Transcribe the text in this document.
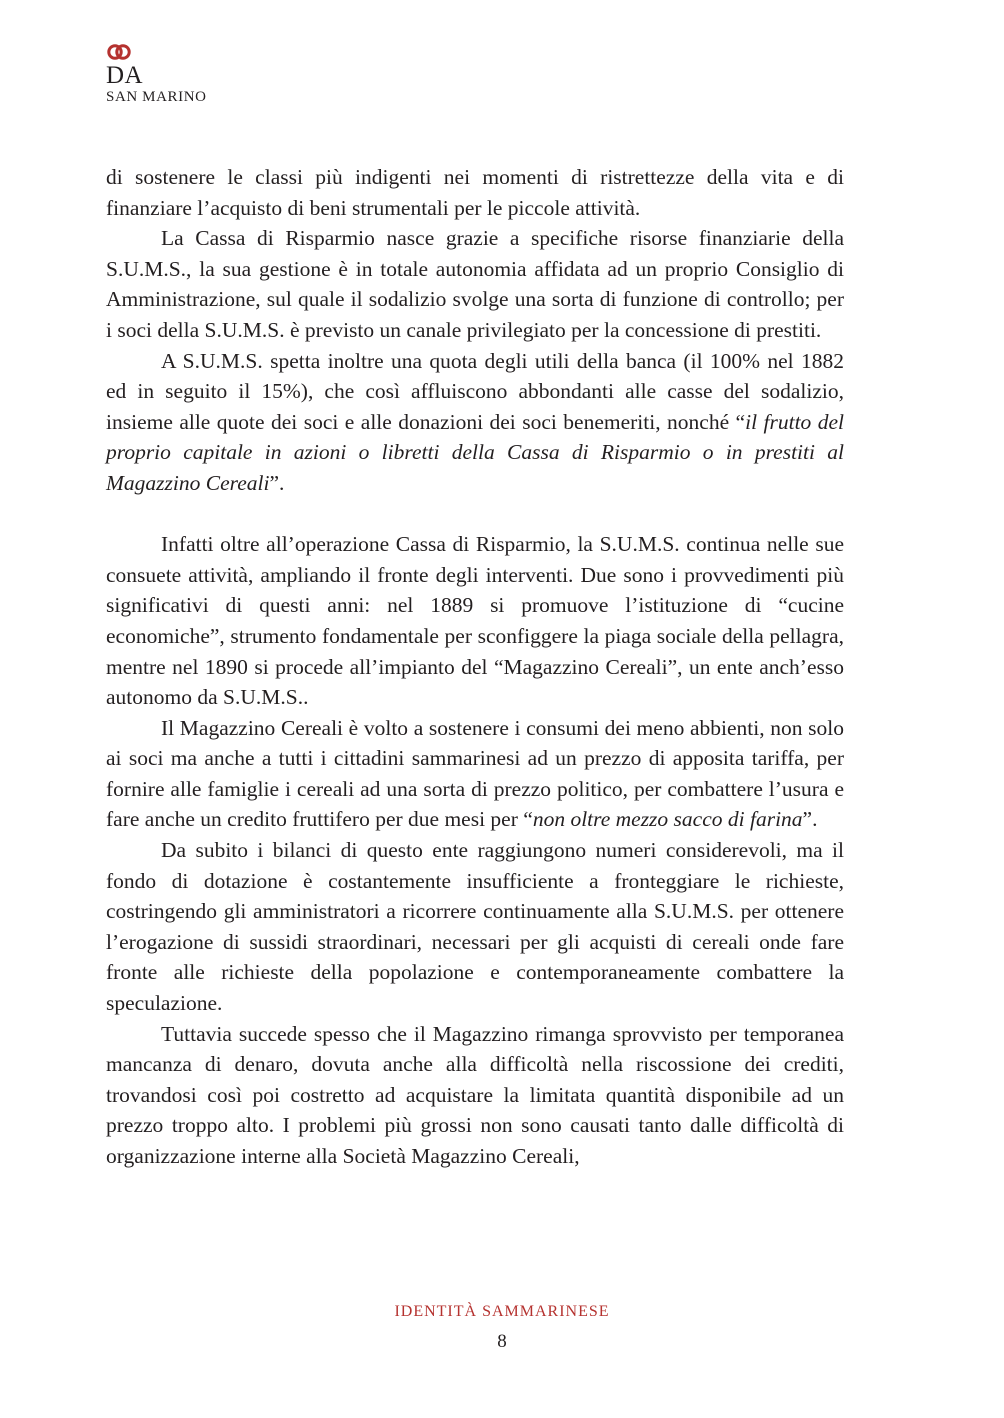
DA
SAN MARINO

di sostenere le classi più indigenti nei momenti di ristrettezze della vita e di finanziare l’acquisto di beni strumentali per le piccole attività.

La Cassa di Risparmio nasce grazie a specifiche risorse finanziarie della S.U.M.S., la sua gestione è in totale autonomia affidata ad un proprio Consiglio di Amministrazione, sul quale il sodalizio svolge una sorta di funzione di controllo; per i soci della S.U.M.S. è previsto un canale privilegiato per la concessione di prestiti.

A S.U.M.S. spetta inoltre una quota degli utili della banca (il 100% nel 1882 ed in seguito il 15%), che così affluiscono abbondanti alle casse del sodalizio, insieme alle quote dei soci e alle donazioni dei soci benemeriti, nonché “il frutto del proprio capitale in azioni o libretti della Cassa di Risparmio o in prestiti al Magazzino Cereali”.

Infatti oltre all’operazione Cassa di Risparmio, la S.U.M.S. continua nelle sue consuete attività, ampliando il fronte degli interventi. Due sono i provvedimenti più significativi di questi anni: nel 1889 si promuove l’istituzione di “cucine economiche”, strumento fondamentale per sconfiggere la piaga sociale della pellagra, mentre nel 1890 si procede all’impianto del “Magazzino Cereali”, un ente anch’esso autonomo da S.U.M.S..

Il Magazzino Cereali è volto a sostenere i consumi dei meno abbienti, non solo ai soci ma anche a tutti i cittadini sammarinesi ad un prezzo di apposita tariffa, per fornire alle famiglie i cereali ad una sorta di prezzo politico, per combattere l’usura e fare anche un credito fruttifero per due mesi per “non oltre mezzo sacco di farina”.

Da subito i bilanci di questo ente raggiungono numeri considerevoli, ma il fondo di dotazione è costantemente insufficiente a fronteggiare le richieste, costringendo gli amministratori a ricorrere continuamente alla S.U.M.S. per ottenere l’erogazione di sussidi straordinari, necessari per gli acquisti di cereali onde fare fronte alle richieste della popolazione e contemporaneamente combattere la speculazione.

Tuttavia succede spesso che il Magazzino rimanga sprovvisto per temporanea mancanza di denaro, dovuta anche alla difficoltà nella riscossione dei crediti, trovandosi così poi costretto ad acquistare la limitata quantità disponibile ad un prezzo troppo alto. I problemi più grossi non sono causati tanto dalle difficoltà di organizzazione interne alla Società Magazzino Cereali,

IDENTITÀ SAMMARINESE
8
